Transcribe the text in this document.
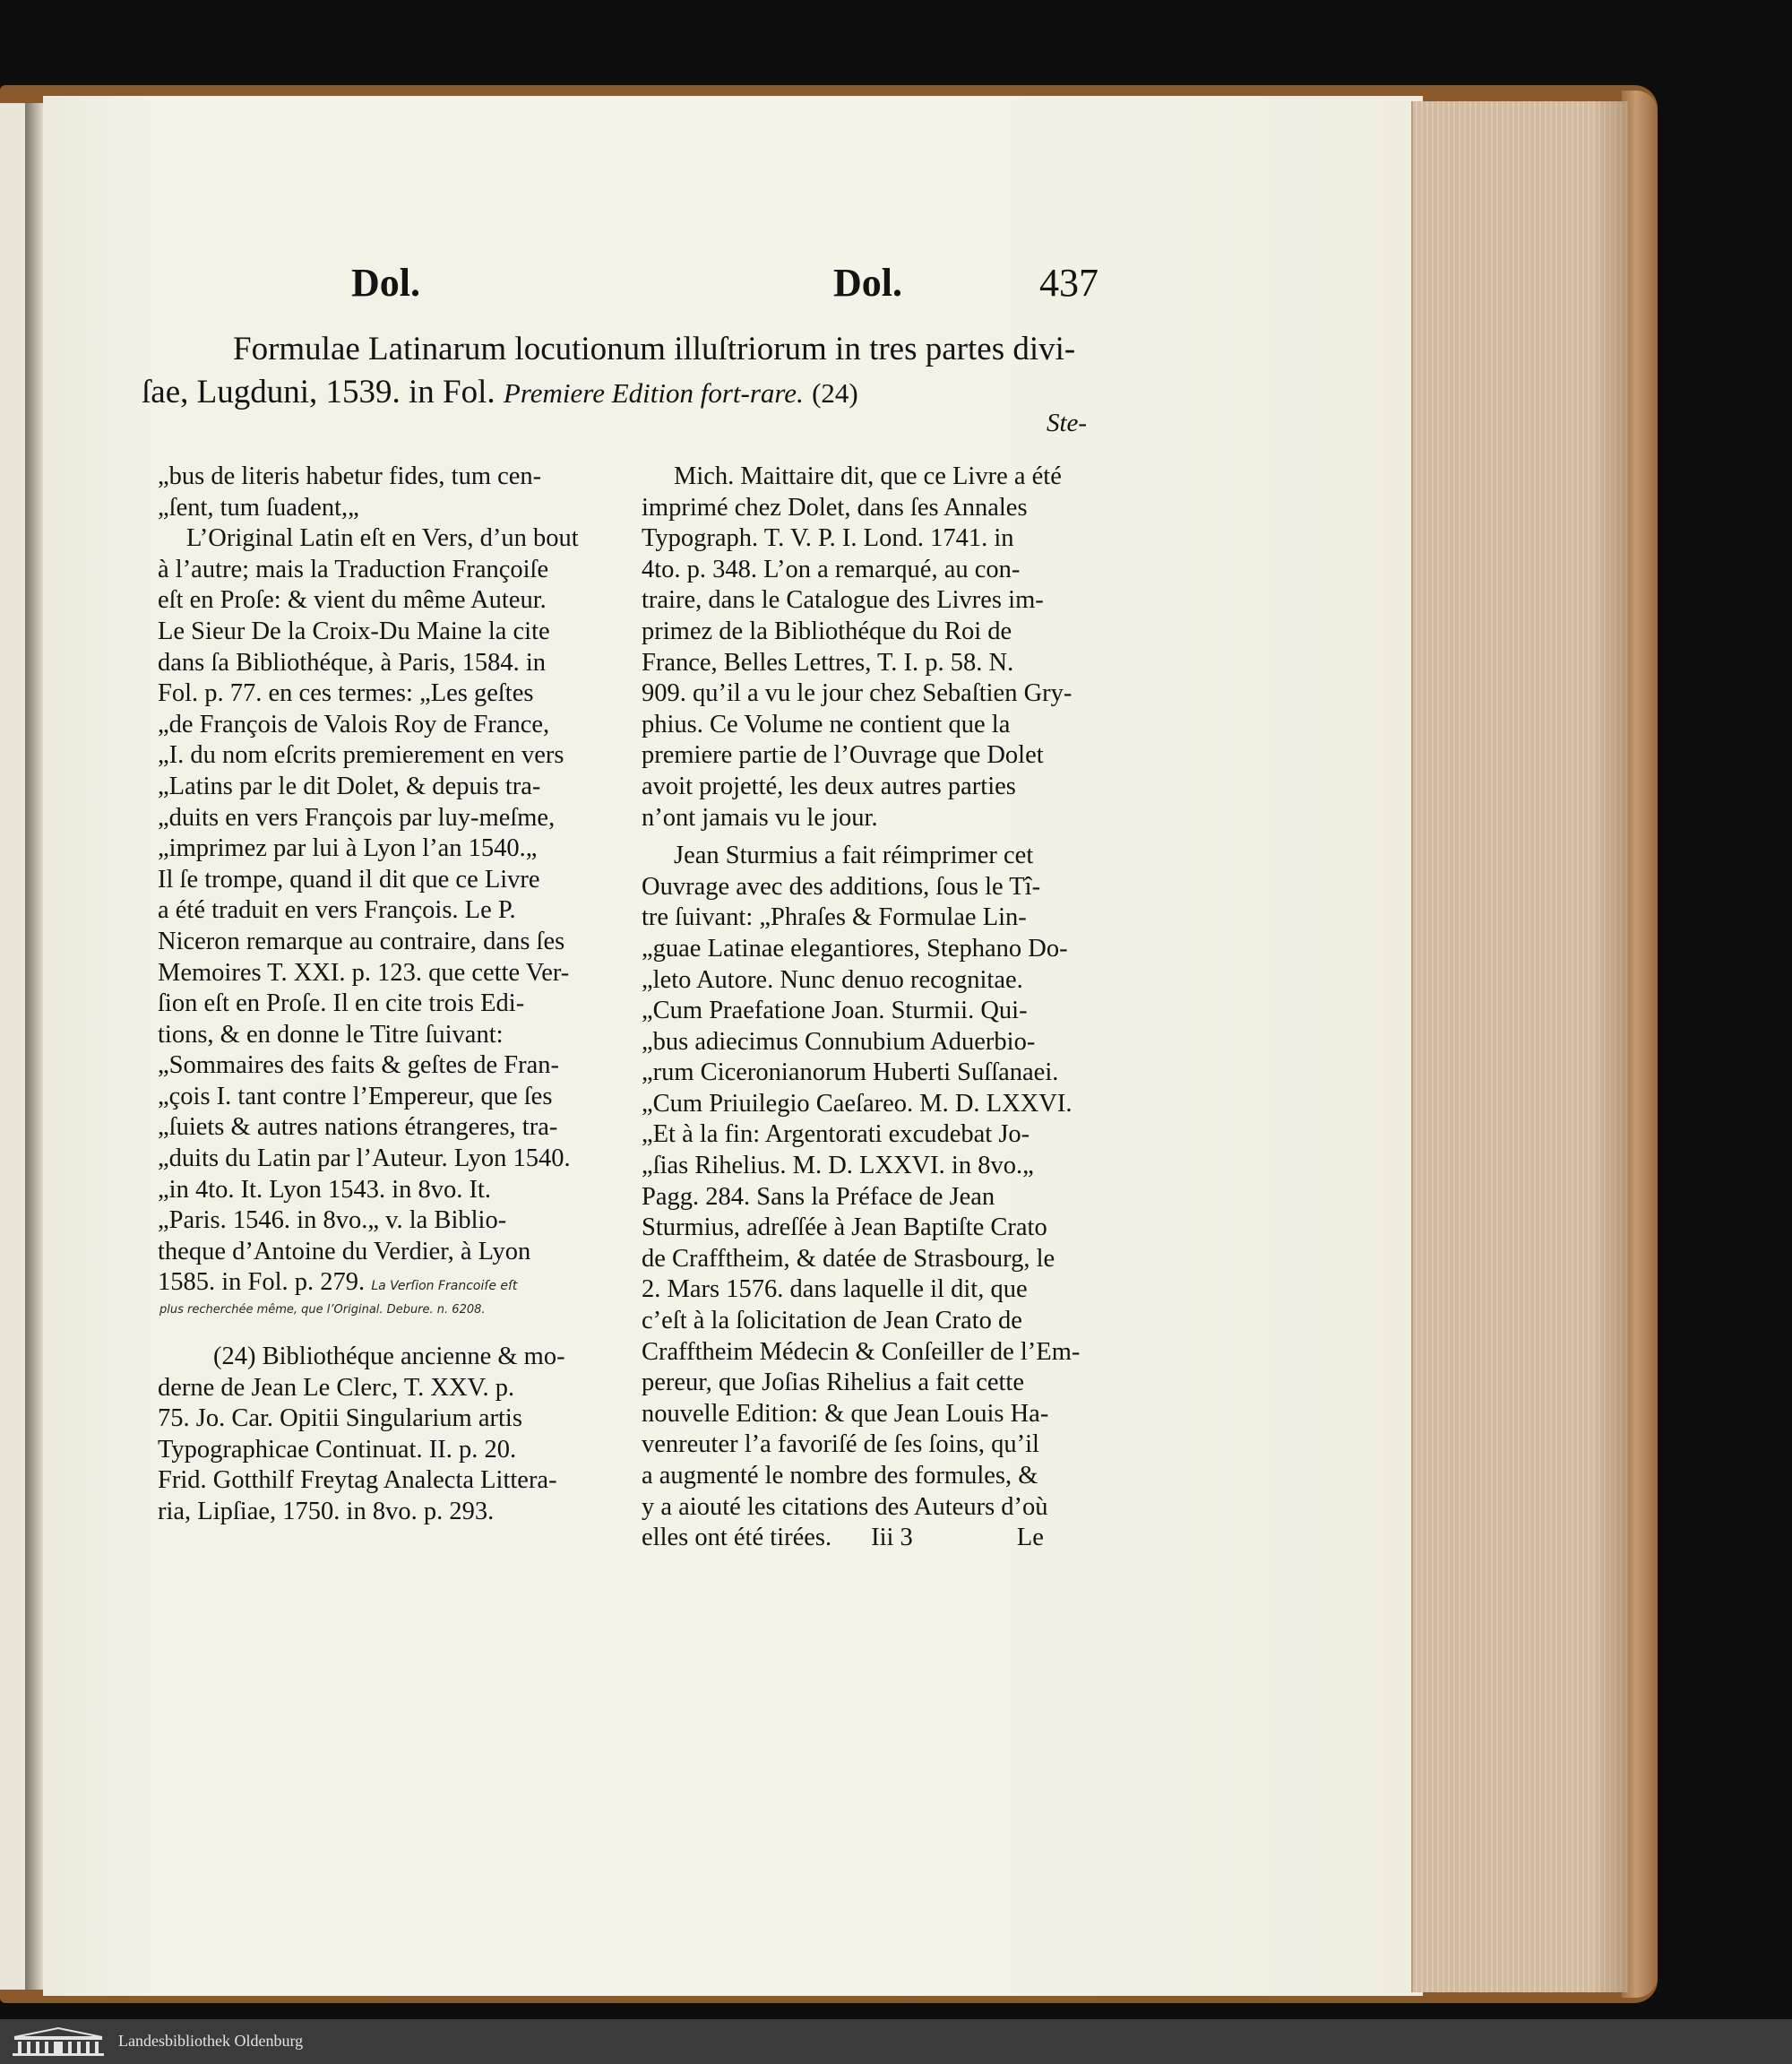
Dol.	Dol.	437
Formulae Latinarum locutionum illuſtriorum in tres partes divi-
ſae, Lugduni, 1539. in Fol. Premiere Edition fort-rare. (24)
Ste-
„bus de literis habetur fides, tum cen-
„ſent, tum ſuadent,„
L’Original Latin eſt en Vers, d’un bout
à l’autre; mais la Traduction Françoiſe
eſt en Proſe: & vient du même Auteur.
Le Sieur De la Croix-Du Maine la cite
dans ſa Bibliothéque, à Paris, 1584. in
Fol. p. 77. en ces termes: „Les geſtes
„de François de Valois Roy de France,
„I. du nom eſcrits premierement en vers
„Latins par le dit Dolet, & depuis tra-
„duits en vers François par luy-meſme,
„imprimez par lui à Lyon l’an 1540.„
Il ſe trompe, quand il dit que ce Livre
a été traduit en vers François. Le P.
Niceron remarque au contraire, dans ſes
Memoires T. XXI. p. 123. que cette Ver-
ſion eſt en Proſe. Il en cite trois Edi-
tions, & en donne le Titre ſuivant:
„Sommaires des faits & geſtes de Fran-
„çois I. tant contre l’Empereur, que ſes
„ſuiets & autres nations étrangeres, tra-
„duits du Latin par l’Auteur. Lyon 1540.
„in 4to. It. Lyon 1543. in 8vo. It.
„Paris. 1546. in 8vo.„ v. la Biblio-
theque d’Antoine du Verdier, à Lyon
1585. in Fol. p. 279. La Verſion Francoiſe eſt
plus recherchée même, que l’Original. Debure. n. 6208.
(24) Bibliothéque ancienne & mo-
derne de Jean Le Clerc, T. XXV. p.
75. Jo. Car. Opitii Singularium artis
Typographicae Continuat. II. p. 20.
Frid. Gotthilf Freytag Analecta Littera-
ria, Lipſiae, 1750. in 8vo. p. 293.
Mich. Maittaire dit, que ce Livre a été
imprimé chez Dolet, dans ſes Annales
Typograph. T. V. P. I. Lond. 1741. in
4to. p. 348. L’on a remarqué, au con-
traire, dans le Catalogue des Livres im-
primez de la Bibliothéque du Roi de
France, Belles Lettres, T. I. p. 58. N.
909. qu’il a vu le jour chez Sebaſtien Gry-
phius. Ce Volume ne contient que la
premiere partie de l’Ouvrage que Dolet
avoit projetté, les deux autres parties
n’ont jamais vu le jour.
Jean Sturmius a fait réimprimer cet
Ouvrage avec des additions, ſous le Tî-
tre ſuivant: „Phraſes & Formulae Lin-
„guae Latinae elegantiores, Stephano Do-
„leto Autore. Nunc denuo recognitae.
„Cum Praefatione Joan. Sturmii. Qui-
„bus adiecimus Connubium Aduerbio-
„rum Ciceronianorum Huberti Suſſanaei.
„Cum Priuilegio Caeſareo. M. D. LXXVI.
„Et à la fin: Argentorati excudebat Jo-
„ſias Rihelius. M. D. LXXVI. in 8vo.„
Pagg. 284. Sans la Préface de Jean
Sturmius, adreſſée à Jean Baptiſte Crato
de Crafftheim, & datée de Strasbourg, le
2. Mars 1576. dans laquelle il dit, que
c’eſt à la ſolicitation de Jean Crato de
Crafftheim Médecin & Conſeiller de l’Em-
pereur, que Joſias Rihelius a fait cette
nouvelle Edition: & que Jean Louis Ha-
venreuter l’a favoriſé de ſes ſoins, qu’il
a augmenté le nombre des formules, &
y a aiouté les citations des Auteurs d’où
elles ont été tirées. Iii 3	Le
Landesbibliothek Oldenburg
